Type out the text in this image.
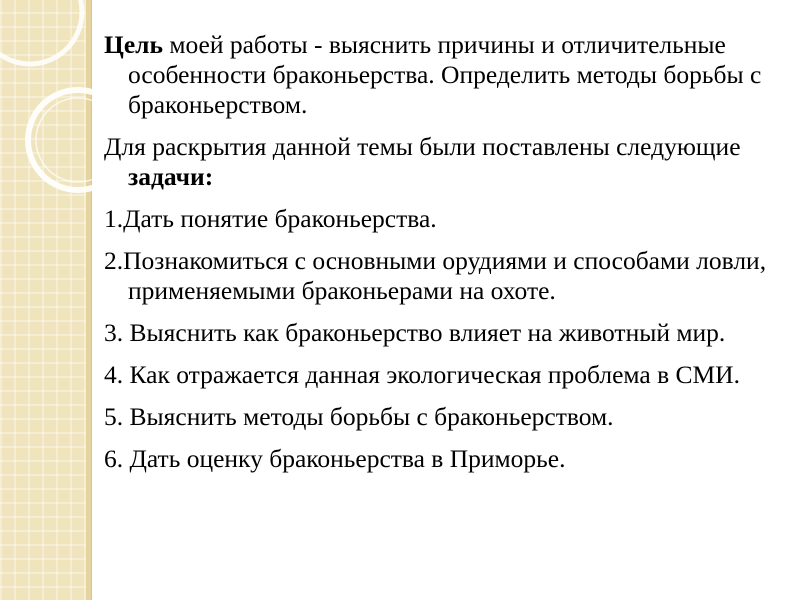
Цель моей работы - выяснить причины и отличительные особенности браконьерства. Определить методы борьбы с браконьерством.

Для раскрытия данной темы были поставлены следующие задачи:

1.Дать понятие браконьерства.

2.Познакомиться с основными орудиями и способами ловли, применяемыми браконьерами на охоте.

3. Выяснить как браконьерство влияет на животный мир.

4. Как отражается данная экологическая проблема в СМИ.

5. Выяснить методы борьбы с браконьерством.

6. Дать оценку браконьерства в Приморье.
